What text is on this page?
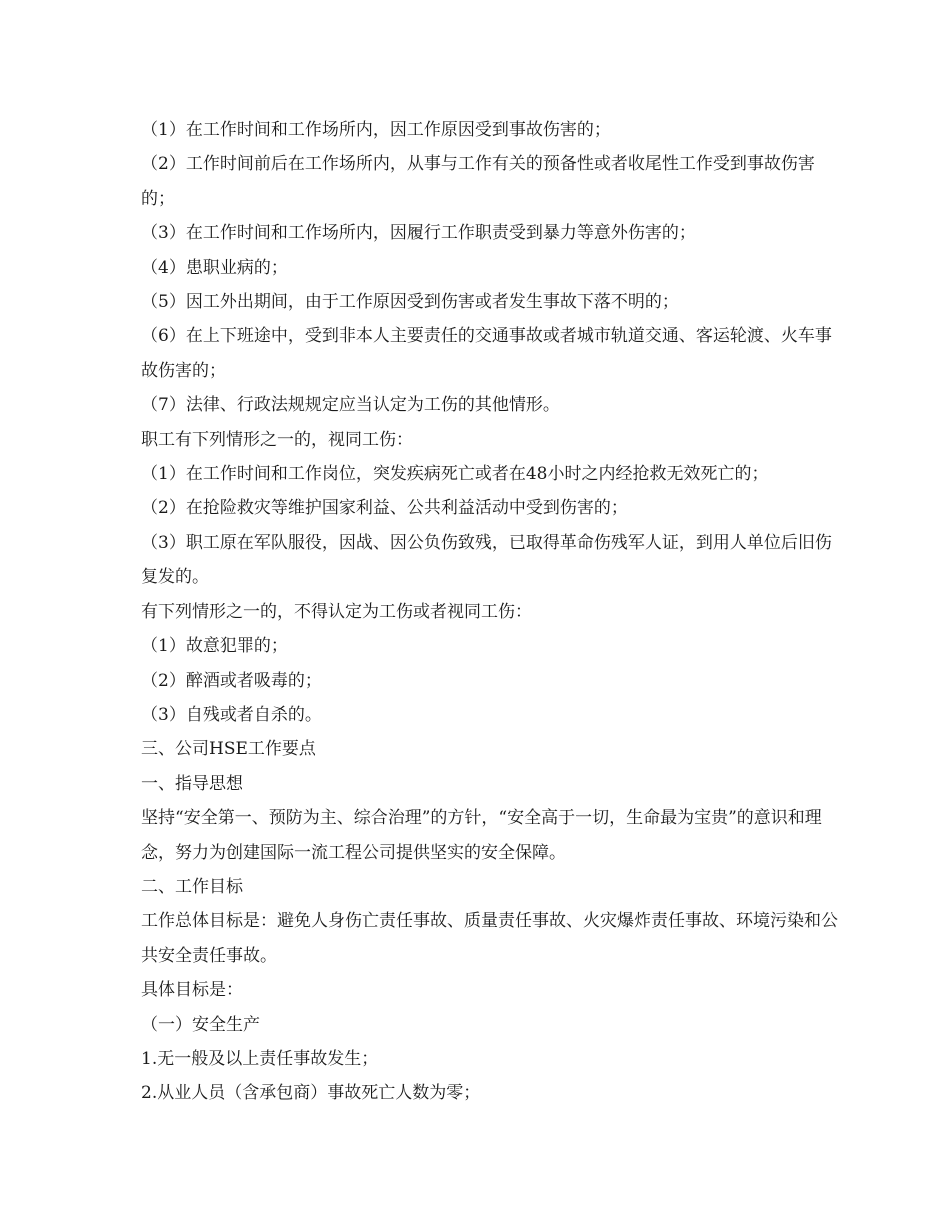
（1）在工作时间和工作场所内，因工作原因受到事故伤害的；

（2）工作时间前后在工作场所内，从事与工作有关的预备性或者收尾性工作受到事故伤害的；

（3）在工作时间和工作场所内，因履行工作职责受到暴力等意外伤害的；

（4）患职业病的；

（5）因工外出期间，由于工作原因受到伤害或者发生事故下落不明的；

（6）在上下班途中，受到非本人主要责任的交通事故或者城市轨道交通、客运轮渡、火车事故伤害的；

（7）法律、行政法规规定应当认定为工伤的其他情形。

职工有下列情形之一的，视同工伤：

（1）在工作时间和工作岗位，突发疾病死亡或者在48小时之内经抢救无效死亡的；

（2）在抢险救灾等维护国家利益、公共利益活动中受到伤害的；

（3）职工原在军队服役，因战、因公负伤致残，已取得革命伤残军人证，到用人单位后旧伤复发的。

有下列情形之一的，不得认定为工伤或者视同工伤：

（1）故意犯罪的；

（2）醉酒或者吸毒的；

（3）自残或者自杀的。

三、公司HSE工作要点

一、指导思想

坚持“安全第一、预防为主、综合治理”的方针，“安全高于一切，生命最为宝贵”的意识和理念，努力为创建国际一流工程公司提供坚实的安全保障。

二、工作目标

工作总体目标是：避免人身伤亡责任事故、质量责任事故、火灾爆炸责任事故、环境污染和公共安全责任事故。

具体目标是：

（一）安全生产

1.无一般及以上责任事故发生；

2.从业人员（含承包商）事故死亡人数为零；
